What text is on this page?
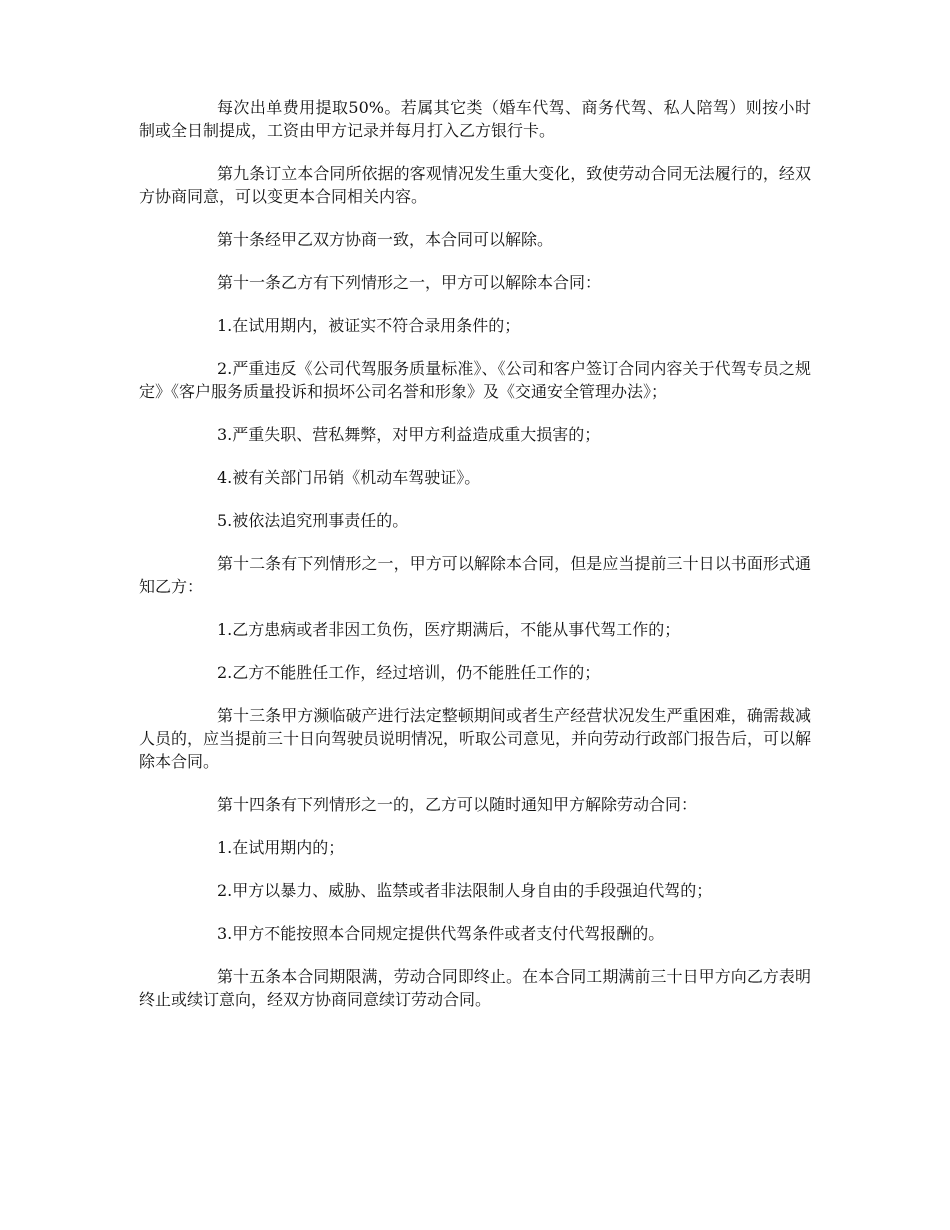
每次出单费用提取50%。若属其它类（婚车代驾、商务代驾、私人陪驾）则按小时制或全日制提成，工资由甲方记录并每月打入乙方银行卡。

第九条订立本合同所依据的客观情况发生重大变化，致使劳动合同无法履行的，经双方协商同意，可以变更本合同相关内容。

第十条经甲乙双方协商一致，本合同可以解除。

第十一条乙方有下列情形之一，甲方可以解除本合同：

1.在试用期内，被证实不符合录用条件的；

2.严重违反《公司代驾服务质量标准》、《公司和客户签订合同内容关于代驾专员之规定》《客户服务质量投诉和损坏公司名誉和形象》及《交通安全管理办法》；

3.严重失职、营私舞弊，对甲方利益造成重大损害的；

4.被有关部门吊销《机动车驾驶证》。

5.被依法追究刑事责任的。

第十二条有下列情形之一，甲方可以解除本合同，但是应当提前三十日以书面形式通知乙方：

1.乙方患病或者非因工负伤，医疗期满后，不能从事代驾工作的；

2.乙方不能胜任工作，经过培训，仍不能胜任工作的；

第十三条甲方濒临破产进行法定整顿期间或者生产经营状况发生严重困难，确需裁减人员的，应当提前三十日向驾驶员说明情况，听取公司意见，并向劳动行政部门报告后，可以解除本合同。

第十四条有下列情形之一的，乙方可以随时通知甲方解除劳动合同：

1.在试用期内的；

2.甲方以暴力、威胁、监禁或者非法限制人身自由的手段强迫代驾的；

3.甲方不能按照本合同规定提供代驾条件或者支付代驾报酬的。

第十五条本合同期限满，劳动合同即终止。在本合同工期满前三十日甲方向乙方表明终止或续订意向，经双方协商同意续订劳动合同。
